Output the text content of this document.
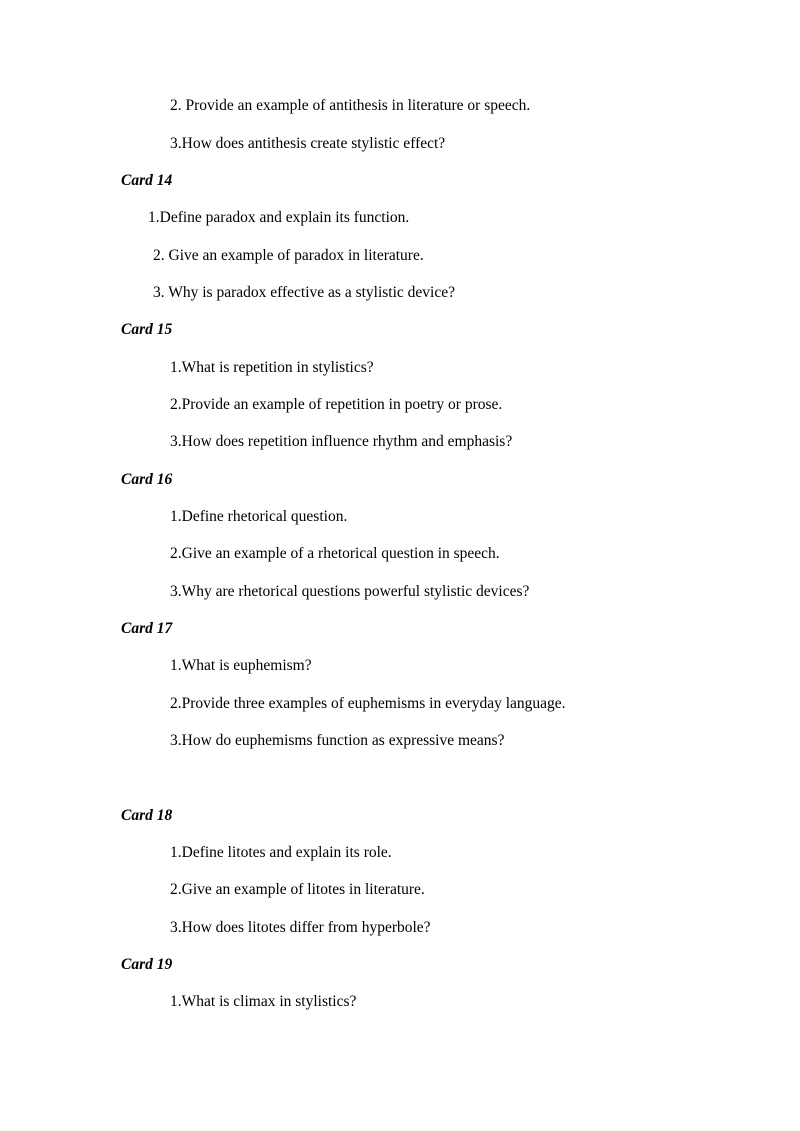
2. Provide an example of antithesis in literature or speech.

3.How does antithesis create stylistic effect?

Card 14

1.Define paradox and explain its function.

2. Give an example of paradox in literature.

3. Why is paradox effective as a stylistic device?

Card 15

1.What is repetition in stylistics?

2.Provide an example of repetition in poetry or prose.

3.How does repetition influence rhythm and emphasis?

Card 16

1.Define rhetorical question.

2.Give an example of a rhetorical question in speech.

3.Why are rhetorical questions powerful stylistic devices?

Card 17

1.What is euphemism?

2.Provide three examples of euphemisms in everyday language.

3.How do euphemisms function as expressive means?

Card 18

1.Define litotes and explain its role.

2.Give an example of litotes in literature.

3.How does litotes differ from hyperbole?

Card 19

1.What is climax in stylistics?
